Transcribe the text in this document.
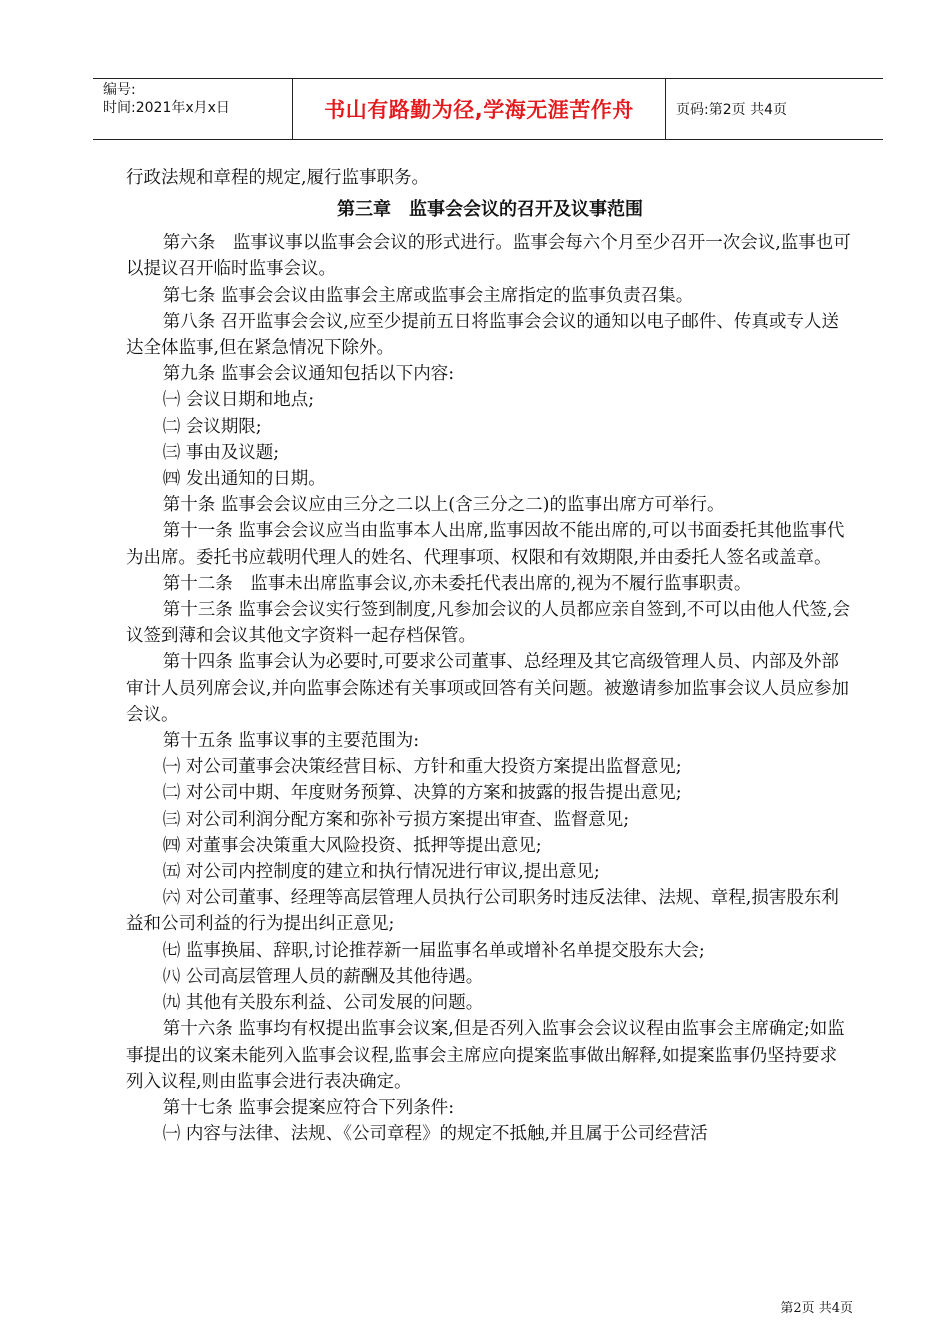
编号:
时间:2021年x月x日	书山有路勤为径,学海无涯苦作舟	页码:第2页 共4页

行政法规和章程的规定,履行监事职务。

第三章　监事会会议的召开及议事范围

第六条　监事议事以监事会会议的形式进行。监事会每六个月至少召开一次会议,监事也可以提议召开临时监事会议。

第七条 监事会会议由监事会主席或监事会主席指定的监事负责召集。

第八条 召开监事会会议,应至少提前五日将监事会会议的通知以电子邮件、传真或专人送达全体监事,但在紧急情况下除外。

第九条 监事会会议通知包括以下内容:

㈠ 会议日期和地点;

㈡ 会议期限;

㈢ 事由及议题;

㈣ 发出通知的日期。

第十条 监事会会议应由三分之二以上(含三分之二)的监事出席方可举行。

第十一条 监事会会议应当由监事本人出席,监事因故不能出席的,可以书面委托其他监事代为出席。委托书应载明代理人的姓名、代理事项、权限和有效期限,并由委托人签名或盖章。

第十二条　监事未出席监事会议,亦未委托代表出席的,视为不履行监事职责。

第十三条 监事会会议实行签到制度,凡参加会议的人员都应亲自签到,不可以由他人代签,会议签到薄和会议其他文字资料一起存档保管。

第十四条 监事会认为必要时,可要求公司董事、总经理及其它高级管理人员、内部及外部审计人员列席会议,并向监事会陈述有关事项或回答有关问题。被邀请参加监事会议人员应参加会议。

第十五条 监事议事的主要范围为:

㈠ 对公司董事会决策经营目标、方针和重大投资方案提出监督意见;

㈡ 对公司中期、年度财务预算、决算的方案和披露的报告提出意见;

㈢ 对公司利润分配方案和弥补亏损方案提出审查、监督意见;

㈣ 对董事会决策重大风险投资、抵押等提出意见;

㈤ 对公司内控制度的建立和执行情况进行审议,提出意见;

㈥ 对公司董事、经理等高层管理人员执行公司职务时违反法律、法规、章程,损害股东利益和公司利益的行为提出纠正意见;

㈦ 监事换届、辞职,讨论推荐新一届监事名单或增补名单提交股东大会;

㈧ 公司高层管理人员的薪酬及其他待遇。

㈨ 其他有关股东利益、公司发展的问题。

第十六条 监事均有权提出监事会议案,但是否列入监事会会议议程由监事会主席确定;如监事提出的议案未能列入监事会议程,监事会主席应向提案监事做出解释,如提案监事仍坚持要求列入议程,则由监事会进行表决确定。

第十七条 监事会提案应符合下列条件:

㈠ 内容与法律、法规、《公司章程》的规定不抵触,并且属于公司经营活

第2页 共4页
